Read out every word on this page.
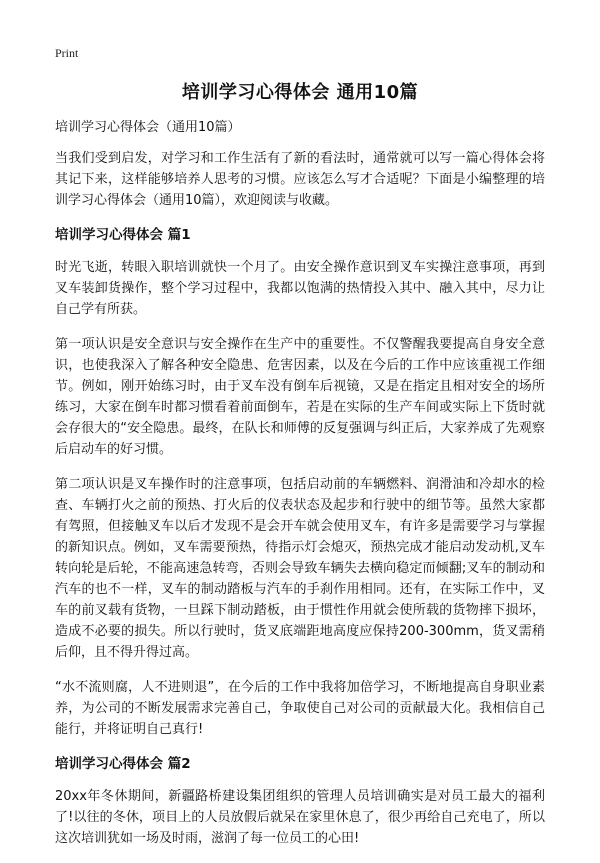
Print
培训学习心得体会 通用10篇
培训学习心得体会（通用10篇）

当我们受到启发，对学习和工作生活有了新的看法时，通常就可以写一篇心得体会将其记下来，这样能够培养人思考的习惯。应该怎么写才合适呢？下面是小编整理的培训学习心得体会（通用10篇），欢迎阅读与收藏。

培训学习心得体会 篇1

时光飞逝，转眼入职培训就快一个月了。由安全操作意识到叉车实操注意事项，再到叉车装卸货操作，整个学习过程中，我都以饱满的热情投入其中、融入其中，尽力让自己学有所获。

第一项认识是安全意识与安全操作在生产中的重要性。不仅警醒我要提高自身安全意识，也使我深入了解各种安全隐患、危害因素，以及在今后的工作中应该重视工作细节。例如，刚开始练习时，由于叉车没有倒车后视镜，又是在指定且相对安全的场所练习，大家在倒车时都习惯看着前面倒车，若是在实际的生产车间或实际上下货时就会存很大的“安全隐患。最终，在队长和师傅的反复强调与纠正后，大家养成了先观察后启动车的好习惯。

第二项认识是叉车操作时的注意事项，包括启动前的车辆燃料、润滑油和冷却水的检查、车辆打火之前的预热、打火后的仪表状态及起步和行驶中的细节等。虽然大家都有驾照，但接触叉车以后才发现不是会开车就会使用叉车，有许多是需要学习与掌握的新知识点。例如，叉车需要预热，待指示灯会熄灭，预热完成才能启动发动机,叉车转向轮是后轮，不能高速急转弯，否则会导致车辆失去横向稳定而倾翻;叉车的制动和汽车的也不一样，叉车的制动踏板与汽车的手刹作用相同。还有，在实际工作中，叉车的前叉载有货物，一旦踩下制动踏板，由于惯性作用就会使所载的货物摔下损坏，造成不必要的损失。所以行驶时，货叉底端距地高度应保持200-300mm，货叉需稍后仰，且不得升得过高。

“水不流则腐，人不进则退”，在今后的工作中我将加倍学习，不断地提高自身职业素养，为公司的不断发展需求完善自己，争取使自己对公司的贡献最大化。我相信自己能行，并将证明自己真行!

培训学习心得体会 篇2

20xx年冬休期间，新疆路桥建设集团组织的管理人员培训确实是对员工最大的福利了!以往的冬休，项目上的人员放假后就呆在家里休息了，很少再给自己充电了，所以这次培训犹如一场及时雨，滋润了每一位员工的心田!
